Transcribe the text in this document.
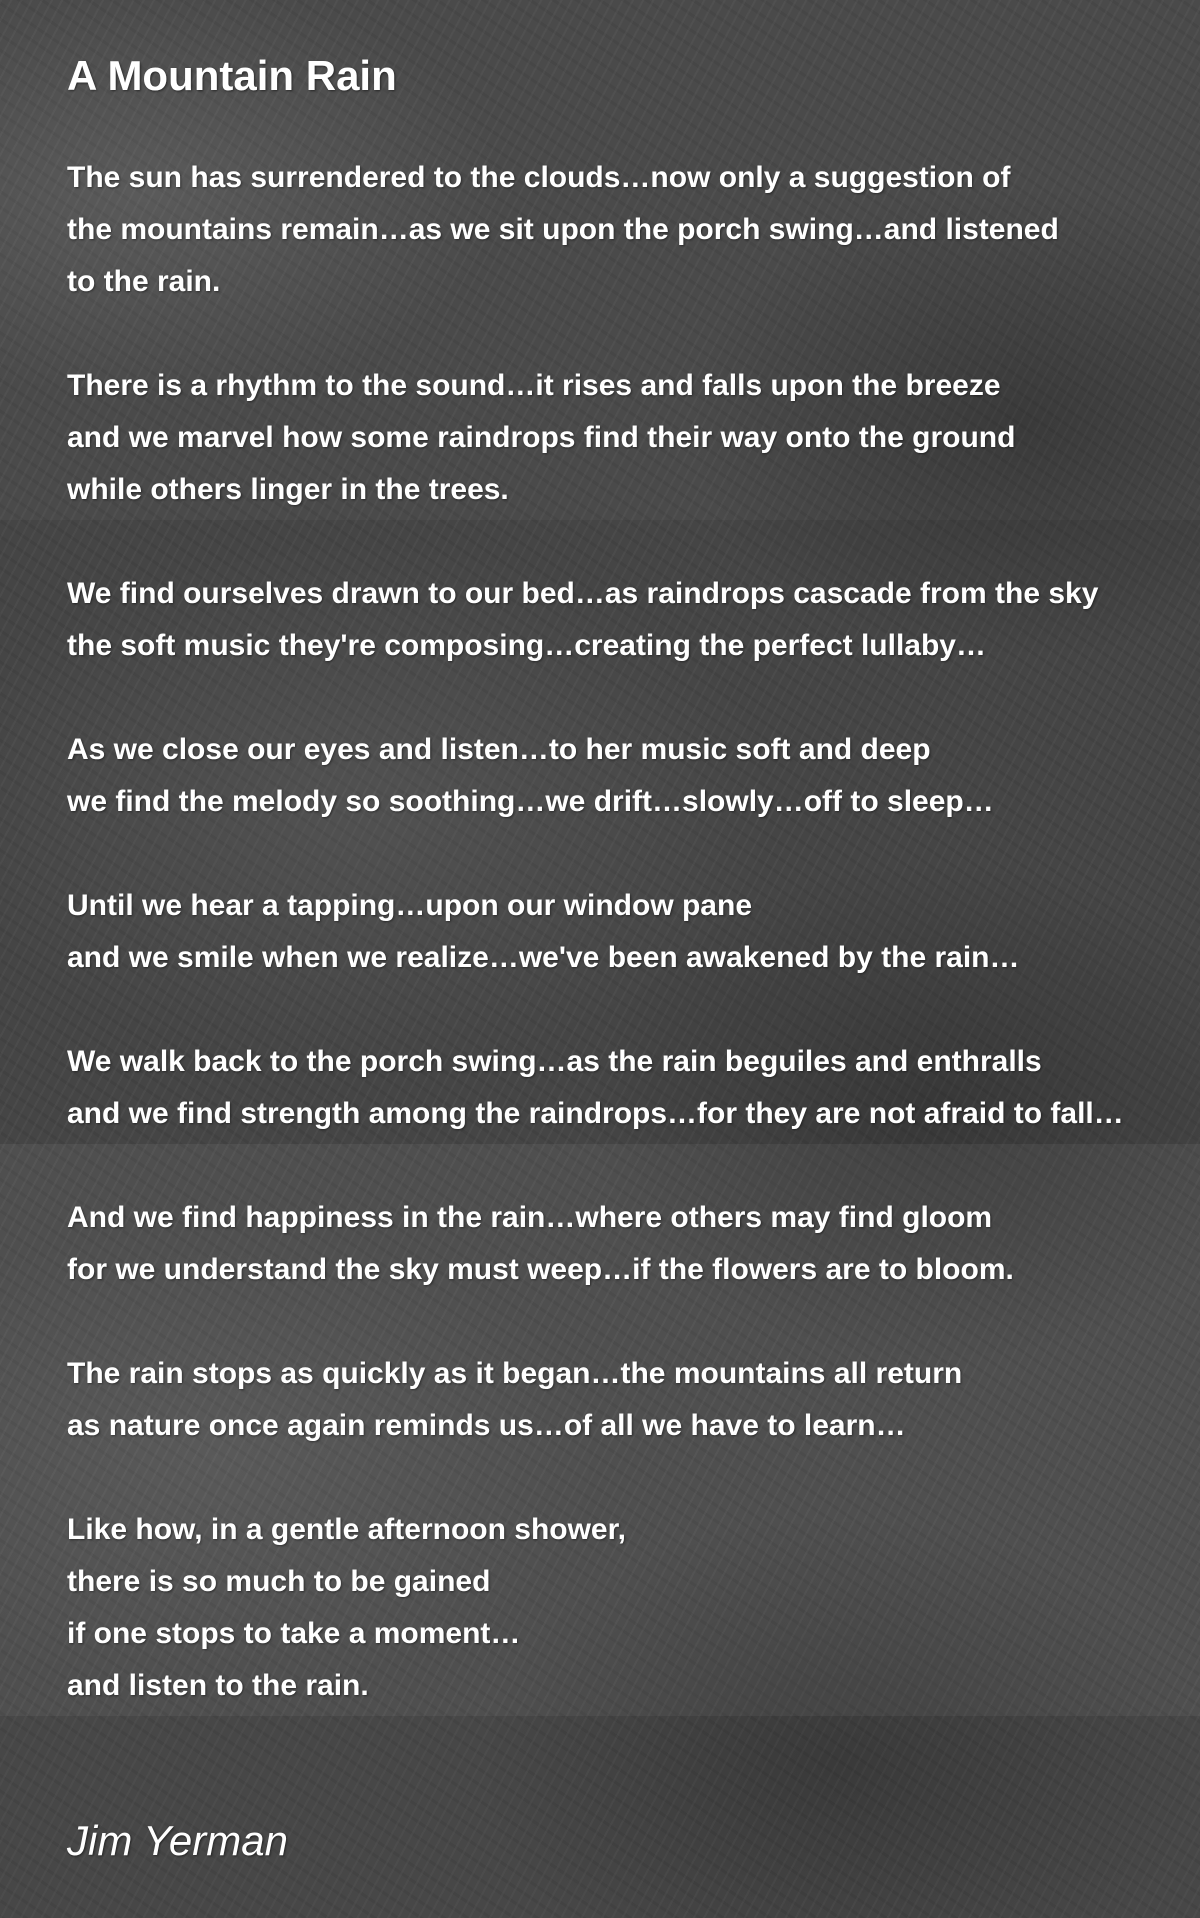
A Mountain Rain
The sun has surrendered to the clouds…now only a suggestion of
the mountains remain…as we sit upon the porch swing…and listened
to the rain.
There is a rhythm to the sound…it rises and falls upon the breeze
and we marvel how some raindrops find their way onto the ground
while others linger in the trees.
We find ourselves drawn to our bed…as raindrops cascade from the sky
the soft music they're composing…creating the perfect lullaby…
As we close our eyes and listen…to her music soft and deep
we find the melody so soothing…we drift…slowly…off to sleep…
Until we hear a tapping…upon our window pane
and we smile when we realize…we've been awakened by the rain…
We walk back to the porch swing…as the rain beguiles and enthralls
and we find strength among the raindrops…for they are not afraid to fall…
And we find happiness in the rain…where others may find gloom
for we understand the sky must weep…if the flowers are to bloom.
The rain stops as quickly as it began…the mountains all return
as nature once again reminds us…of all we have to learn…
Like how, in a gentle afternoon shower,
there is so much to be gained
if one stops to take a moment…
and listen to the rain.

Jim Yerman
